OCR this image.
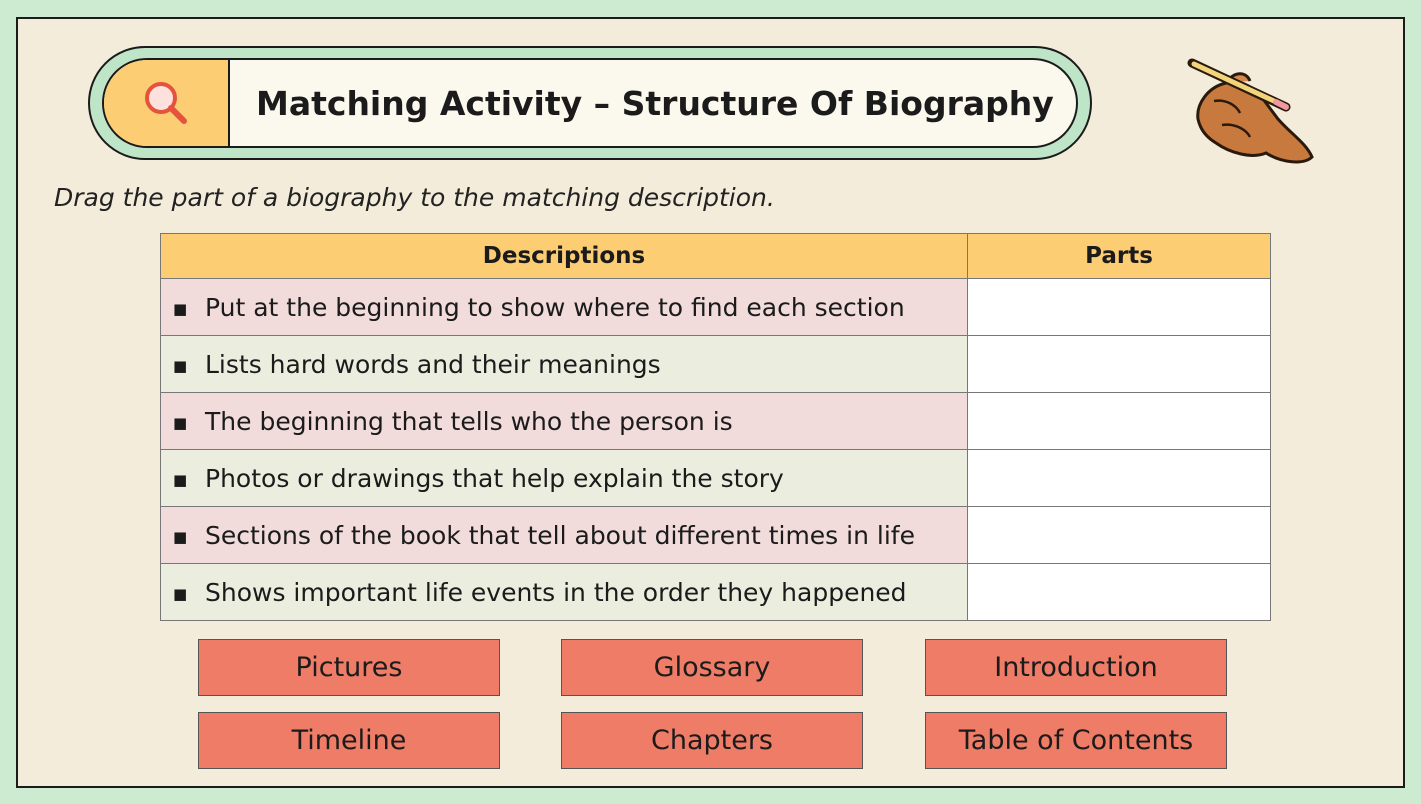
Matching Activity – Structure Of Biography
Drag the part of a biography to the matching description.
Descriptions	Parts
■ Put at the beginning to show where to find each section	
■ Lists hard words and their meanings	
■ The beginning that tells who the person is	
■ Photos or drawings that help explain the story	
■ Sections of the book that tell about different times in life	
■ Shows important life events in the order they happened	
Pictures	Glossary	Introduction
Timeline	Chapters	Table of Contents
